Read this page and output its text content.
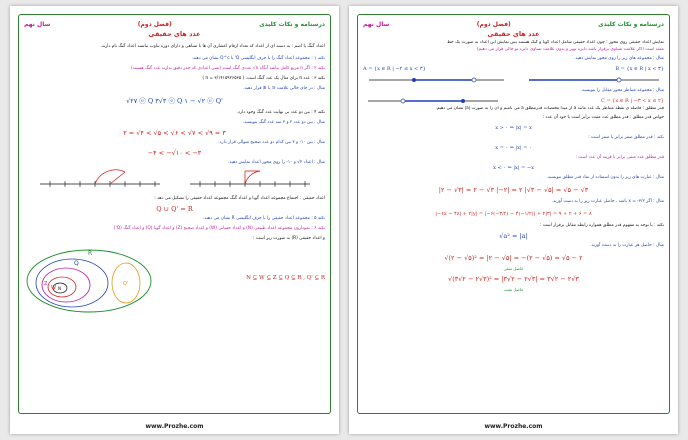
درسنامه و نکات کلیدی
(فصل دوم)
سال نهم
عدد های حقیقی
اعداد گنگ یا اصم : به دسته ای از اعداد که تعداد ارقام اعشاری آن ها نا متناهی و دارای دوره تناوب نباشند اعداد گنگ نام دارند.
نکته ۱ : مجموعه اعداد گنگ را با حرف انگلیسی Q' یا Q^c نشان می دهند.
نکته ۲ : اگر n مربع کامل نباشد آنگاه n√ عددی گنگ است (یعنی اعدادی که جذر دقیق ندارند عدد گنگ هستند)
نکته ۳ : عدد π برای مثال یک عدد گنگ است. ( ۳/۱۴۱۵۹۲۶۵۳۵ = π )
مثال : در جای خالی علامت ∈ یا ∉ قرار دهید.
√۲۷ ⓔ Q ۳√۳ ⓔ Q ۱ − √۲ ⓔ Q'
نکته ۴ : بین دو عدد بی نهایت عدد گنگ وجود دارد.
مثال : بین دو عدد ۲ و ۳ سه عدد گنگ بنویسید.
۲ = √۴ < √۵ < √۶ < √۷ < √۹ = ۳
مثال : بین ۱۰- و ۳ بین کدام دو عدد صحیح متوالی قرار دارد.
−۴ < −√۱۰ < −۳
مثال : اعداد ۲√ و ۱۰- را روی محور اعداد نمایش دهید.
اعداد حقیقی : اجتماع مجموعه اعداد گویا و اعداد گنگ مجموعه اعداد حقیقی را تشکیل می دهد :
Q ∪ Q' = R
نکته ۵ : مجموعه اعداد حقیقی را با حرف انگلیسی R نشان می دهند.
نکته ۶ : نمودارون مجموعه اعداد طبیعی (N) و اعداد حسابی (W) و اعداد صحیح (Z) و اعداد گویا (Q) و اعداد گنگ (Q')
و اعداد حقیقی (R) به صورت زیر است :
R
Q
Z
W N
Q'
N ⊆ W ⊆ Z ⊆ Q ⊆ R , Q' ⊆ R
www.Prozhe.com
درسنامه و نکات کلیدی
(فصل دوم)
سال نهم
عدد های حقیقی
نمایش اعداد حقیقی روی محور : چون اعداد حقیقی شامل اعداد گویا و گنگ هستند پس نمایش این اعداد به صورت یک خط
ممتد است (اگر علامت تساوی برقرار باشد دایره توپر و بدون علامت تساوی دایره تو خالی قرار می دهیم)
مثال : مجموعه های زیر را روی محور نمایش دهید.
A = {x ∈ R | −۲ ≤ x < ۳}	B = {x ∈ R | x < ۳}
مثال : مجموعه متناظر محور مقابل را بنویسید.
C = {x ∈ R | −۳ < x ≤ ۲}
قدر مطلق : فاصله ی نقطه متناظر یک عدد مانند a از مبدا مختصات قدرمطلق a می نامیم و آن را به صورت |a| نشان می دهیم.
خواص قدر مطلق : قدر مطلق عدد مثبت برابر است با خود آن عدد :
x > ۰ ⇒ |x| = x
نکته : قدر مطلق صفر برابر با صفر است :
x = ۰ ⇒ |x| = ۰
قدر مطلق عدد منفی برابر با قرینه آن عدد است :
x < ۰ ⇒ |x| = −x
مثال : عبارت های زیر را بدون استفاده از نماد قدر مطلق بنویسید.
|۲ − √۳| = ۲ − √۳ |−۲| = ۲ |√۳ − √۵| = √۵ − √۳
مثال : اگر x = -۳/۲ باشد ، حاصل عبارت زیر را به دست آورید.
|−۶x − ۴z| + ۲|y| = |−۶(−۳/۲) − ۴(−۱/۲)| + ۲|۳| = ۹ + ۲ + ۶ = ۸
نکته : با توجه به مفهوم قدر مطلق همواره رابطه مقابل برقرار است :
√a² = |a|
مثال : حاصل هر عبارت را به دست آورید.
√(۲ − √۵)² = |۲ − √۵| = −(۲ − √۵) = √۵ − ۲
حاصل منفی
√(۳√۲ − ۲√۳)² = |۳√۲ − ۲√۳| = ۳√۲ − ۲√۳
حاصل مثبت
www.Prozhe.com
